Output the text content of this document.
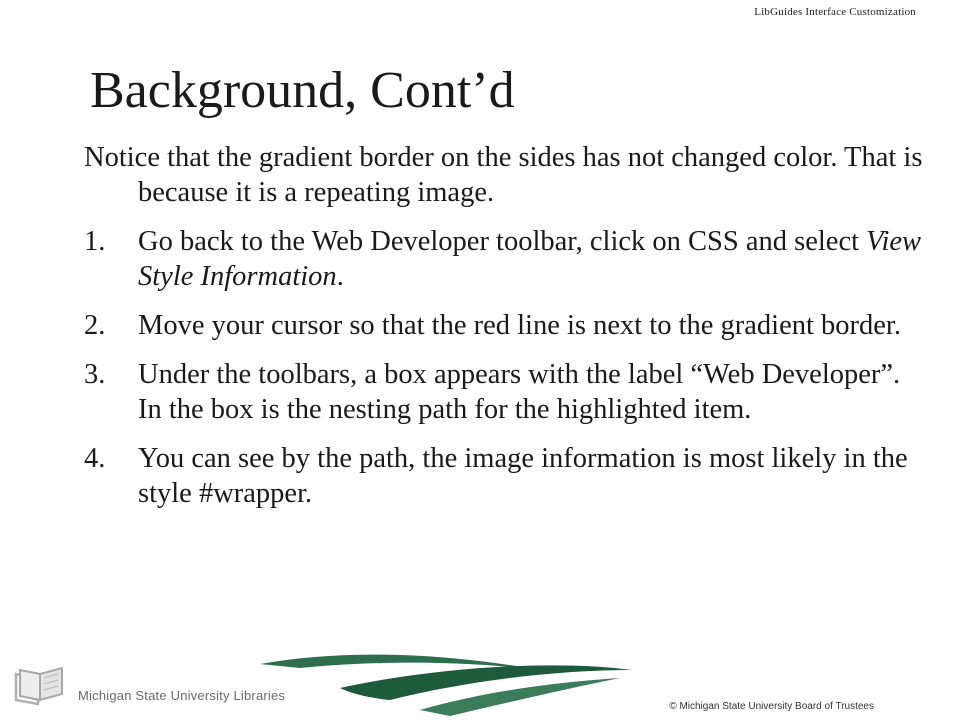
LibGuides Interface Customization
Background, Cont’d

Notice that the gradient border on the sides has not changed color. That is because it is a repeating image.

1.	Go back to the Web Developer toolbar, click on CSS and select View Style Information.
2.	Move your cursor so that the red line is next to the gradient border.
3.	Under the toolbars, a box appears with the label “Web Developer”. In the box is the nesting path for the highlighted item.
4.	You can see by the path, the image information is most likely in the style #wrapper.
Michigan State University Libraries
© Michigan State University Board of Trustees
